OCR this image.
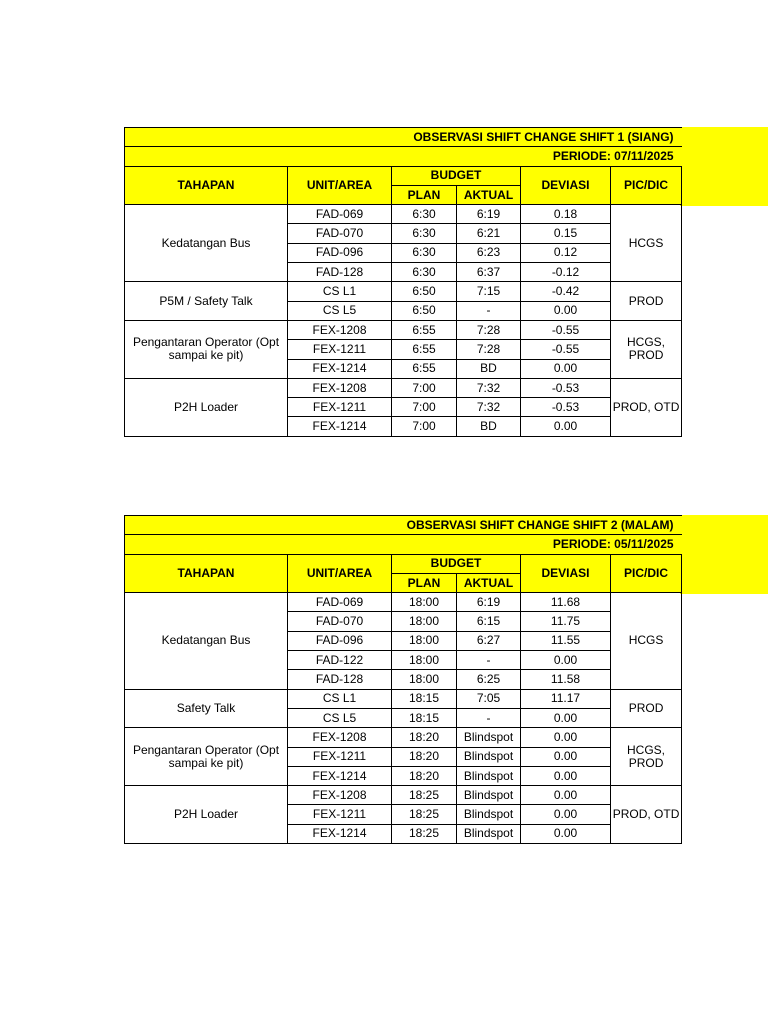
OBSERVASI SHIFT CHANGE SHIFT 1 (SIANG)					
PERIODE: 07/11/2025					
TAHAPAN	UNIT/AREA	BUDGET		DEVIASI	PIC/DIC
		PLAN	AKTUAL		
Kedatangan Bus	FAD-069	6:30	6:19	0.18	HCGS
	FAD-070	6:30	6:21	0.15	
	FAD-096	6:30	6:23	0.12	
	FAD-128	6:30	6:37	-0.12	
P5M / Safety Talk	CS L1	6:50	7:15	-0.42	PROD
	CS L5	6:50	-	0.00	
Pengantaran Operator (Opt sampai ke pit)	FEX-1208	6:55	7:28	-0.55	HCGS, PROD
	FEX-1211	6:55	7:28	-0.55	
	FEX-1214	6:55	BD	0.00	
P2H Loader	FEX-1208	7:00	7:32	-0.53	PROD, OTD
	FEX-1211	7:00	7:32	-0.53	
	FEX-1214	7:00	BD	0.00	
OBSERVASI SHIFT CHANGE SHIFT 2 (MALAM)					
PERIODE: 05/11/2025					
TAHAPAN	UNIT/AREA	BUDGET		DEVIASI	PIC/DIC
		PLAN	AKTUAL		
Kedatangan Bus	FAD-069	18:00	6:19	11.68	HCGS
	FAD-070	18:00	6:15	11.75	
	FAD-096	18:00	6:27	11.55	
	FAD-122	18:00	-	0.00	
	FAD-128	18:00	6:25	11.58	
Safety Talk	CS L1	18:15	7:05	11.17	PROD
	CS L5	18:15	-	0.00	
Pengantaran Operator (Opt sampai ke pit)	FEX-1208	18:20	Blindspot	0.00	HCGS, PROD
	FEX-1211	18:20	Blindspot	0.00	
	FEX-1214	18:20	Blindspot	0.00	
P2H Loader	FEX-1208	18:25	Blindspot	0.00	PROD, OTD
	FEX-1211	18:25	Blindspot	0.00	
	FEX-1214	18:25	Blindspot	0.00	
